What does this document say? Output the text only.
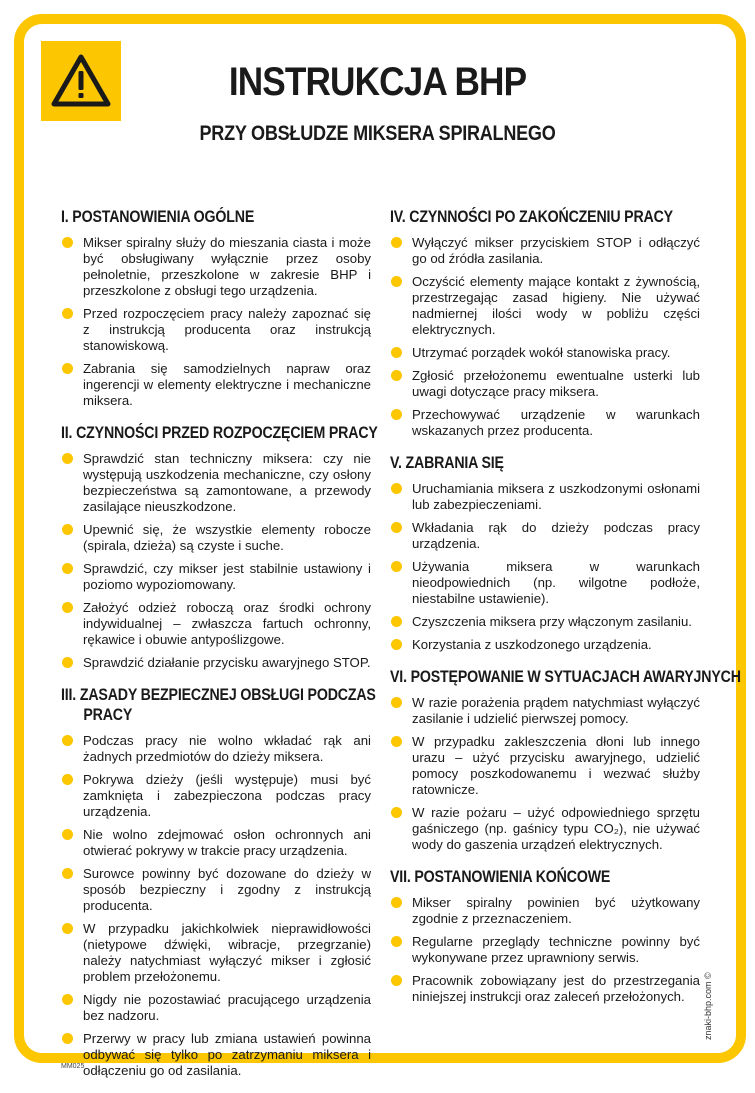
INSTRUKCJA BHP
PRZY OBSŁUDZE MIKSERA SPIRALNEGO
I. POSTANOWIENIA OGÓLNE
Mikser spiralny służy do mieszania ciasta i może być obsługiwany wyłącznie przez osoby pełnoletnie, przeszkolone w zakresie BHP i przeszkolone z obsługi tego urządzenia.
Przed rozpoczęciem pracy należy zapoznać się z instrukcją producenta oraz instrukcją stanowiskową.
Zabrania się samodzielnych napraw oraz ingerencji w elementy elektryczne i mechaniczne miksera.
II. CZYNNOŚCI PRZED ROZPOCZĘCIEM PRACY
Sprawdzić stan techniczny miksera: czy nie występują uszkodzenia mechaniczne, czy osłony bezpieczeństwa są zamontowane, a przewody zasilające nieuszkodzone.
Upewnić się, że wszystkie elementy robocze (spirala, dzieża) są czyste i suche.
Sprawdzić, czy mikser jest stabilnie ustawiony i poziomo wypoziomowany.
Założyć odzież roboczą oraz środki ochrony indywidualnej – zwłaszcza fartuch ochronny, rękawice i obuwie antypoślizgowe.
Sprawdzić działanie przycisku awaryjnego STOP.
III. ZASADY BEZPIECZNEJ OBSŁUGI PODCZAS
PRACY
Podczas pracy nie wolno wkładać rąk ani żadnych przedmiotów do dzieży miksera.
Pokrywa dzieży (jeśli występuje) musi być zamknięta i zabezpieczona podczas pracy urządzenia.
Nie wolno zdejmować osłon ochronnych ani otwierać pokrywy w trakcie pracy urządzenia.
Surowce powinny być dozowane do dzieży w sposób bezpieczny i zgodny z instrukcją producenta.
W przypadku jakichkolwiek nieprawidłowości (nietypowe dźwięki, wibracje, przegrzanie) należy natychmiast wyłączyć mikser i zgłosić problem przełożonemu.
Nigdy nie pozostawiać pracującego urządzenia bez nadzoru.
Przerwy w pracy lub zmiana ustawień powinna odbywać się tylko po zatrzymaniu miksera i odłączeniu go od zasilania.
IV. CZYNNOŚCI PO ZAKOŃCZENIU PRACY
Wyłączyć mikser przyciskiem STOP i odłączyć go od źródła zasilania.
Oczyścić elementy mające kontakt z żywnością, przestrzegając zasad higieny. Nie używać nadmiernej ilości wody w pobliżu części elektrycznych.
Utrzymać porządek wokół stanowiska pracy.
Zgłosić przełożonemu ewentualne usterki lub uwagi dotyczące pracy miksera.
Przechowywać urządzenie w warunkach wskazanych przez producenta.
V. ZABRANIA SIĘ
Uruchamiania miksera z uszkodzonymi osłonami lub zabezpieczeniami.
Wkładania rąk do dzieży podczas pracy urządzenia.
Używania miksera w warunkach nieodpowiednich (np. wilgotne podłoże, niestabilne ustawienie).
Czyszczenia miksera przy włączonym zasilaniu.
Korzystania z uszkodzonego urządzenia.
VI. POSTĘPOWANIE W SYTUACJACH AWARYJNYCH
W razie porażenia prądem natychmiast wyłączyć zasilanie i udzielić pierwszej pomocy.
W przypadku zakleszczenia dłoni lub innego urazu – użyć przycisku awaryjnego, udzielić pomocy poszkodowanemu i wezwać służby ratownicze.
W razie pożaru – użyć odpowiedniego sprzętu gaśniczego (np. gaśnicy typu CO₂), nie używać wody do gaszenia urządzeń elektrycznych.
VII. POSTANOWIENIA KOŃCOWE
Mikser spiralny powinien być użytkowany zgodnie z przeznaczeniem.
Regularne przeglądy techniczne powinny być wykonywane przez uprawniony serwis.
Pracownik zobowiązany jest do przestrzegania niniejszej instrukcji oraz zaleceń przełożonych.
MM025
znaki-bhp.com ©
